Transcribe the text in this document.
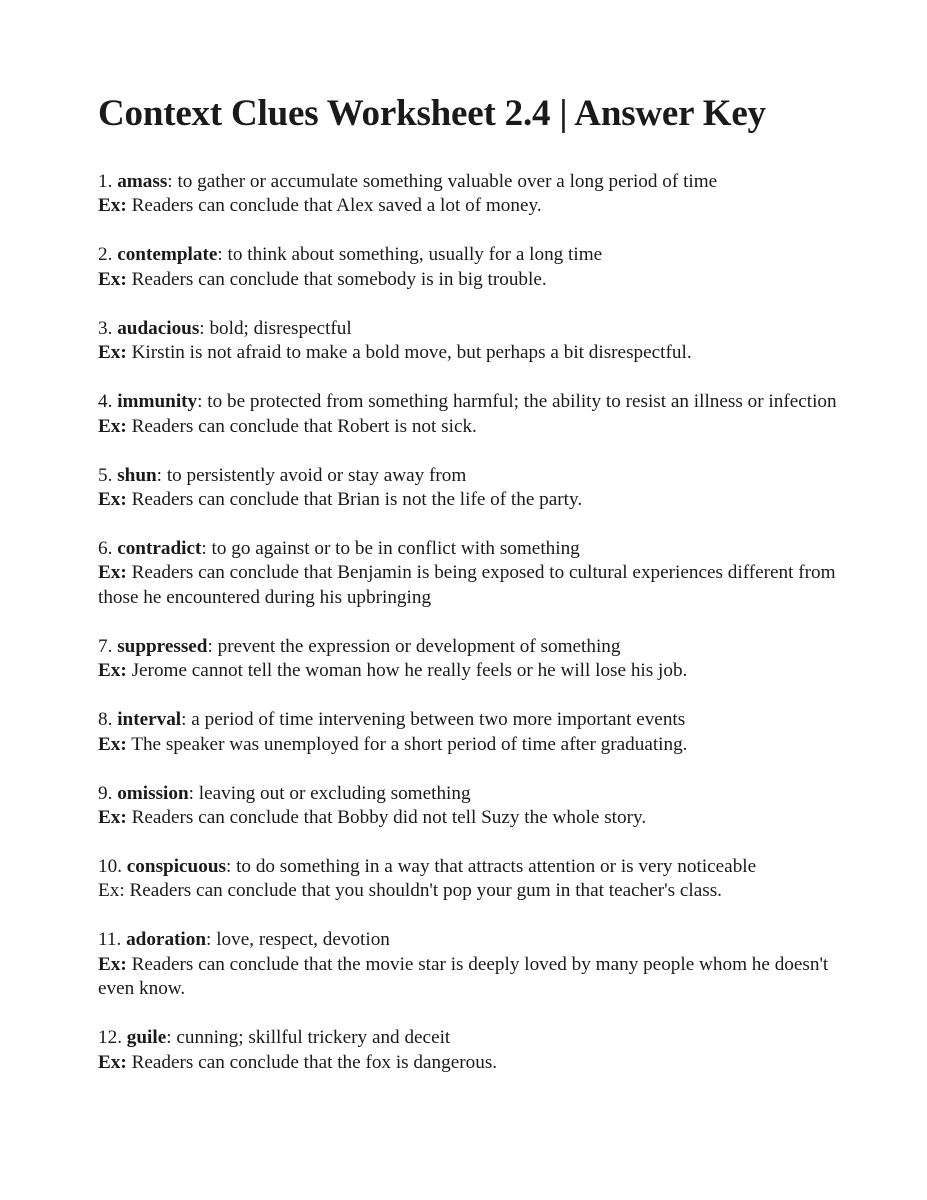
Context Clues Worksheet 2.4 | Answer Key
1. amass: to gather or accumulate something valuable over a long period of time
Ex: Readers can conclude that Alex saved a lot of money.
2. contemplate: to think about something, usually for a long time
Ex: Readers can conclude that somebody is in big trouble.
3. audacious: bold; disrespectful
Ex: Kirstin is not afraid to make a bold move, but perhaps a bit disrespectful.
4. immunity: to be protected from something harmful; the ability to resist an illness or infection
Ex: Readers can conclude that Robert is not sick.
5. shun: to persistently avoid or stay away from
Ex: Readers can conclude that Brian is not the life of the party.
6. contradict: to go against or to be in conflict with something
Ex: Readers can conclude that Benjamin is being exposed to cultural experiences different from those he encountered during his upbringing
7. suppressed: prevent the expression or development of something
Ex: Jerome cannot tell the woman how he really feels or he will lose his job.
8. interval: a period of time intervening between two more important events
Ex: The speaker was unemployed for a short period of time after graduating.
9. omission: leaving out or excluding something
Ex: Readers can conclude that Bobby did not tell Suzy the whole story.
10. conspicuous: to do something in a way that attracts attention or is very noticeable
Ex: Readers can conclude that you shouldn't pop your gum in that teacher's class.
11. adoration: love, respect, devotion
Ex: Readers can conclude that the movie star is deeply loved by many people whom he doesn't even know.
12. guile: cunning; skillful trickery and deceit
Ex: Readers can conclude that the fox is dangerous.
